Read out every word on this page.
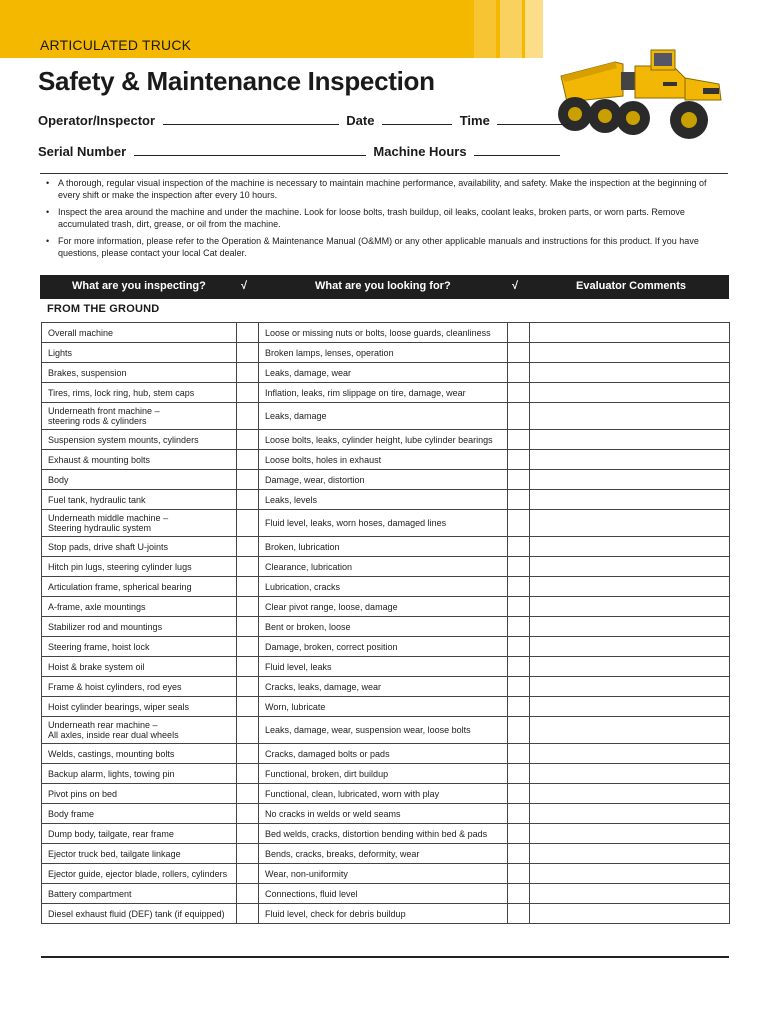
ARTICULATED TRUCK
Safety & Maintenance Inspection
Operator/Inspector	Date	Time
Serial Number	Machine Hours
• A thorough, regular visual inspection of the machine is necessary to maintain machine performance, availability, and safety. Make the inspection at the beginning of every shift or make the inspection after every 10 hours.
• Inspect the area around the machine and under the machine. Look for loose bolts, trash buildup, oil leaks, coolant leaks, broken parts, or worn parts. Remove accumulated trash, dirt, grease, or oil from the machine.
• For more information, please refer to the Operation & Maintenance Manual (O&MM) or any other applicable manuals and instructions for this product. If you have questions, please contact your local Cat dealer.
What are you inspecting?	√	What are you looking for?	√	Evaluator Comments
FROM THE GROUND
Overall machine		Loose or missing nuts or bolts, loose guards, cleanliness		
Lights		Broken lamps, lenses, operation		
Brakes, suspension		Leaks, damage, wear		
Tires, rims, lock ring, hub, stem caps		Inflation, leaks, rim slippage on tire, damage, wear		
Underneath front machine –
steering rods & cylinders		Leaks, damage		
Suspension system mounts, cylinders		Loose bolts, leaks, cylinder height, lube cylinder bearings		
Exhaust & mounting bolts		Loose bolts, holes in exhaust		
Body		Damage, wear, distortion		
Fuel tank, hydraulic tank		Leaks, levels		
Underneath middle machine –
Steering hydraulic system		Fluid level, leaks, worn hoses, damaged lines		
Stop pads, drive shaft U-joints		Broken, lubrication		
Hitch pin lugs, steering cylinder lugs		Clearance, lubrication		
Articulation frame, spherical bearing		Lubrication, cracks		
A-frame, axle mountings		Clear pivot range, loose, damage		
Stabilizer rod and mountings		Bent or broken, loose		
Steering frame, hoist lock		Damage, broken, correct position		
Hoist & brake system oil		Fluid level, leaks		
Frame & hoist cylinders, rod eyes		Cracks, leaks, damage, wear		
Hoist cylinder bearings, wiper seals		Worn, lubricate		
Underneath rear machine –
All axles, inside rear dual wheels		Leaks, damage, wear, suspension wear, loose bolts		
Welds, castings, mounting bolts		Cracks, damaged bolts or pads		
Backup alarm, lights, towing pin		Functional, broken, dirt buildup		
Pivot pins on bed		Functional, clean, lubricated, worn with play		
Body frame		No cracks in welds or weld seams		
Dump body, tailgate, rear frame		Bed welds, cracks, distortion bending within bed & pads		
Ejector truck bed, tailgate linkage		Bends, cracks, breaks, deformity, wear		
Ejector guide, ejector blade, rollers, cylinders		Wear, non-uniformity		
Battery compartment		Connections, fluid level		
Diesel exhaust fluid (DEF) tank (if equipped)		Fluid level, check for debris buildup		
